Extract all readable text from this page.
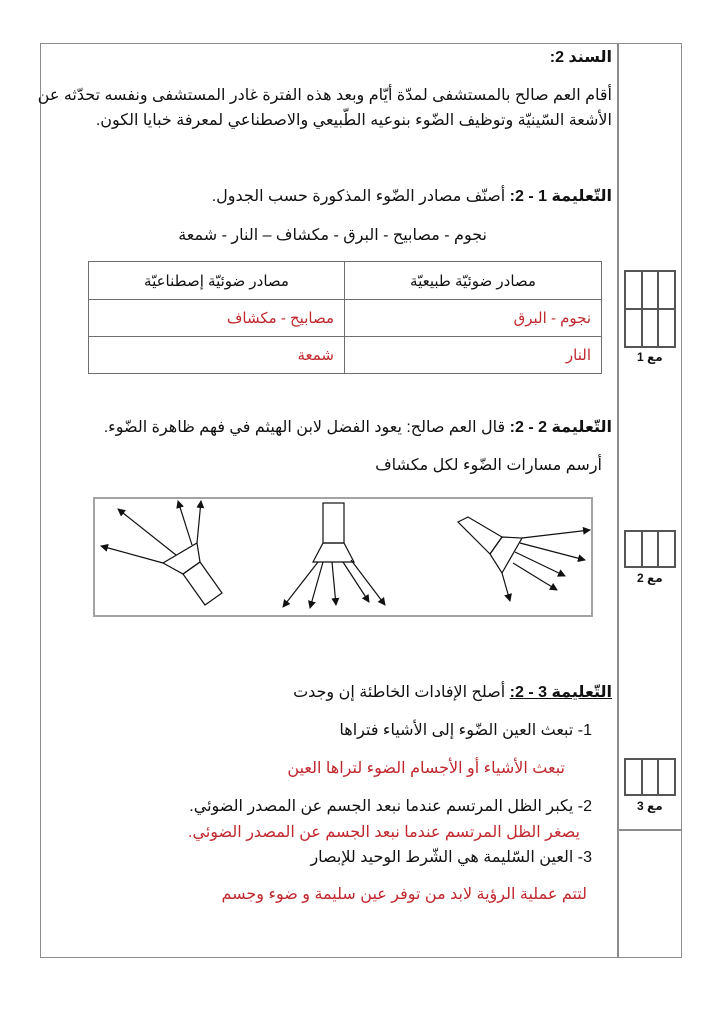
السند 2:
أقام العم صالح بالمستشفى لمدّة أيّام وبعد هذه الفترة غادر المستشفى ونفسه تحدّثه عن
الأشعة السّينيّة وتوظيف الضّوء بنوعيه الطّبيعي والاصطناعي لمعرفة خبايا الكون.
التّعليمة 1 - 2: أصنّف مصادر الضّوء المذكورة حسب الجدول.
نجوم - مصابيح - البرق - مكشاف – النار - شمعة
مصادر ضوئيّة طبيعيّة	مصادر ضوئيّة إصطناعيّة
نجوم - البرق	مصابيح - مكشاف
النار	شمعة
التّعليمة 2 - 2: قال العم صالح: يعود الفضل لابن الهيثم في فهم ظاهرة الضّوء.
أرسم مسارات الضّوء لكل مكشاف
التّعليمة 3 - 2: أصلح الإفادات الخاطئة إن وجدت
1- تبعث العين الضّوء إلى الأشياء فتراها
تبعث الأشياء أو الأجسام الضوء لتراها العين
2- يكبر الظل المرتسم عندما نبعد الجسم عن المصدر الضوئي.
يصغر الظل المرتسم عندما نبعد الجسم عن المصدر الضوئي.
3- العين السّليمة هي الشّرط الوحيد للإبصار
لتتم عملية الرؤية لابد من توفر عين سليمة و ضوء وجسم
مع 1
مع 2
مع 3
